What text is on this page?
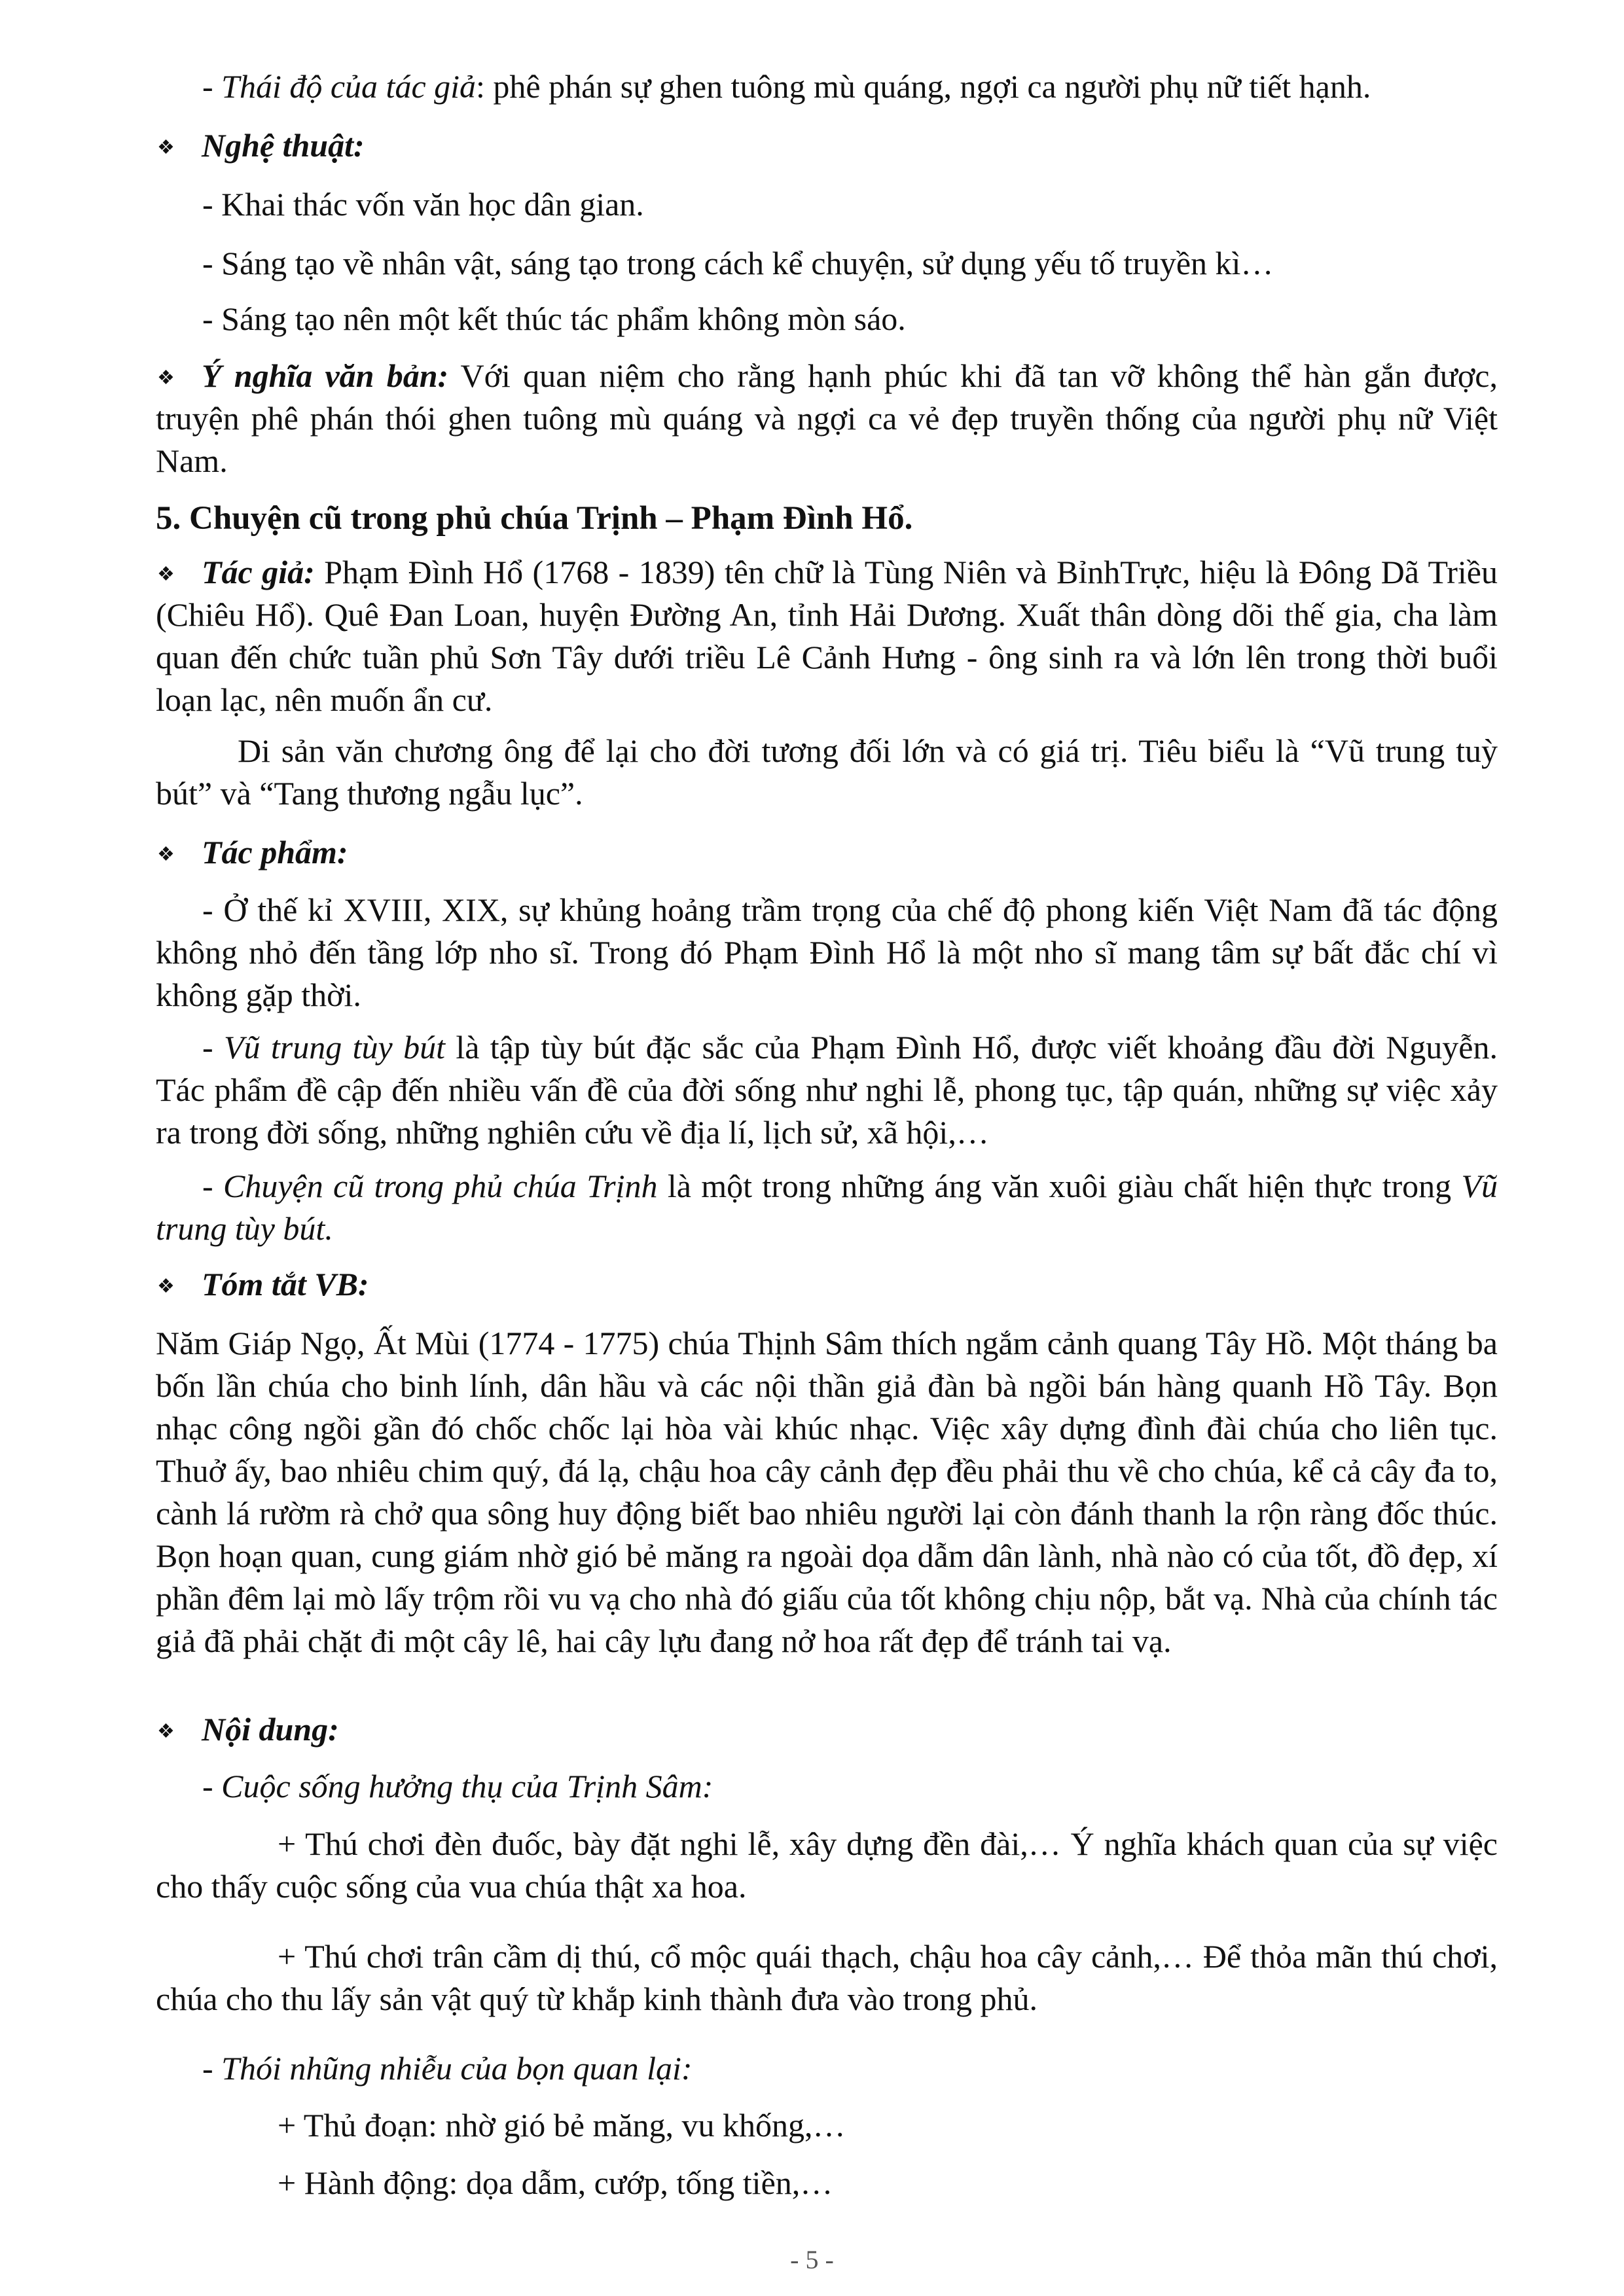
- Thái độ của tác giả: phê phán sự ghen tuông mù quáng, ngợi ca người phụ nữ tiết hạnh.

❖ Nghệ thuật:

- Khai thác vốn văn học dân gian.

- Sáng tạo về nhân vật, sáng tạo trong cách kể chuyện, sử dụng yếu tố truyền kì…

- Sáng tạo nên một kết thúc tác phẩm không mòn sáo.

❖ Ý nghĩa văn bản: Với quan niệm cho rằng hạnh phúc khi đã tan vỡ không thể hàn gắn được, truyện phê phán thói ghen tuông mù quáng và ngợi ca vẻ đẹp truyền thống của người phụ nữ Việt Nam.

5. Chuyện cũ trong phủ chúa Trịnh – Phạm Đình Hổ.

❖ Tác giả: Phạm Đình Hổ (1768 - 1839) tên chữ là Tùng Niên và BỉnhTrực, hiệu là Đông Dã Triều (Chiêu Hổ). Quê Đan Loan, huyện Đường An, tỉnh Hải Dương. Xuất thân dòng dõi thế gia, cha làm quan đến chức tuần phủ Sơn Tây dưới triều Lê Cảnh Hưng - ông sinh ra và lớn lên trong thời buổi loạn lạc, nên muốn ẩn cư.

Di sản văn chương ông để lại cho đời tương đối lớn và có giá trị. Tiêu biểu là “Vũ trung tuỳ bút” và “Tang thương ngẫu lục”.

❖ Tác phẩm:

- Ở thế kỉ XVIII, XIX, sự khủng hoảng trầm trọng của chế độ phong kiến Việt Nam đã tác động không nhỏ đến tầng lớp nho sĩ. Trong đó Phạm Đình Hổ là một nho sĩ mang tâm sự bất đắc chí vì không gặp thời.

- Vũ trung tùy bút là tập tùy bút đặc sắc của Phạm Đình Hổ, được viết khoảng đầu đời Nguyễn. Tác phẩm đề cập đến nhiều vấn đề của đời sống như nghi lễ, phong tục, tập quán, những sự việc xảy ra trong đời sống, những nghiên cứu về địa lí, lịch sử, xã hội,…

- Chuyện cũ trong phủ chúa Trịnh là một trong những áng văn xuôi giàu chất hiện thực trong Vũ trung tùy bút.

❖ Tóm tắt VB:

Năm Giáp Ngọ, Ất Mùi (1774 - 1775) chúa Thịnh Sâm thích ngắm cảnh quang Tây Hồ. Một tháng ba bốn lần chúa cho binh lính, dân hầu và các nội thần giả đàn bà ngồi bán hàng quanh Hồ Tây. Bọn nhạc công ngồi gần đó chốc chốc lại hòa vài khúc nhạc. Việc xây dựng đình đài chúa cho liên tục. Thuở ấy, bao nhiêu chim quý, đá lạ, chậu hoa cây cảnh đẹp đều phải thu về cho chúa, kể cả cây đa to, cành lá rườm rà chở qua sông huy động biết bao nhiêu người lại còn đánh thanh la rộn ràng đốc thúc. Bọn hoạn quan, cung giám nhờ gió bẻ măng ra ngoài dọa dẫm dân lành, nhà nào có của tốt, đồ đẹp, xí phần đêm lại mò lấy trộm rồi vu vạ cho nhà đó giấu của tốt không chịu nộp, bắt vạ. Nhà của chính tác giả đã phải chặt đi một cây lê, hai cây lựu đang nở hoa rất đẹp để tránh tai vạ.

❖ Nội dung:

- Cuộc sống hưởng thụ của Trịnh Sâm:

+ Thú chơi đèn đuốc, bày đặt nghi lễ, xây dựng đền đài,… Ý nghĩa khách quan của sự việc cho thấy cuộc sống của vua chúa thật xa hoa.

+ Thú chơi trân cầm dị thú, cổ mộc quái thạch, chậu hoa cây cảnh,… Để thỏa mãn thú chơi, chúa cho thu lấy sản vật quý từ khắp kinh thành đưa vào trong phủ.

- Thói nhũng nhiễu của bọn quan lại:

+ Thủ đoạn: nhờ gió bẻ măng, vu khống,…

+ Hành động: dọa dẫm, cướp, tống tiền,…

- 5 -
